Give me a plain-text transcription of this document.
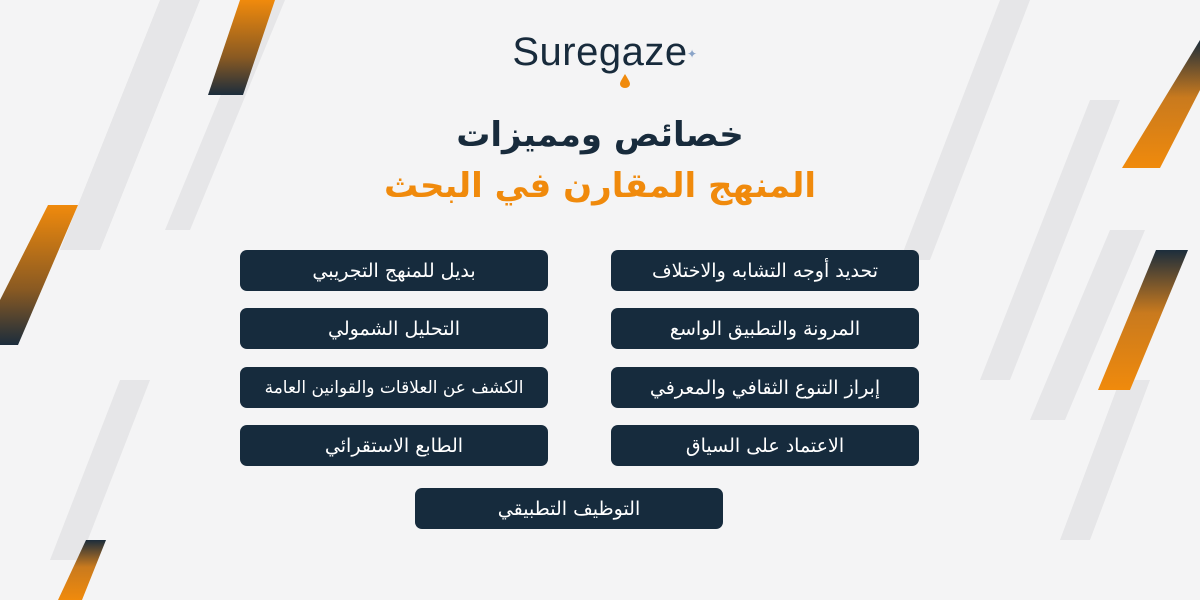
Suregaze ✦
خصائص ومميزات
المنهج المقارن في البحث
تحديد أوجه التشابه والاختلاف
المرونة والتطبيق الواسع
إبراز التنوع الثقافي والمعرفي
الاعتماد على السياق
بديل للمنهج التجريبي
التحليل الشمولي
الكشف عن العلاقات والقوانين العامة
الطابع الاستقرائي
التوظيف التطبيقي
